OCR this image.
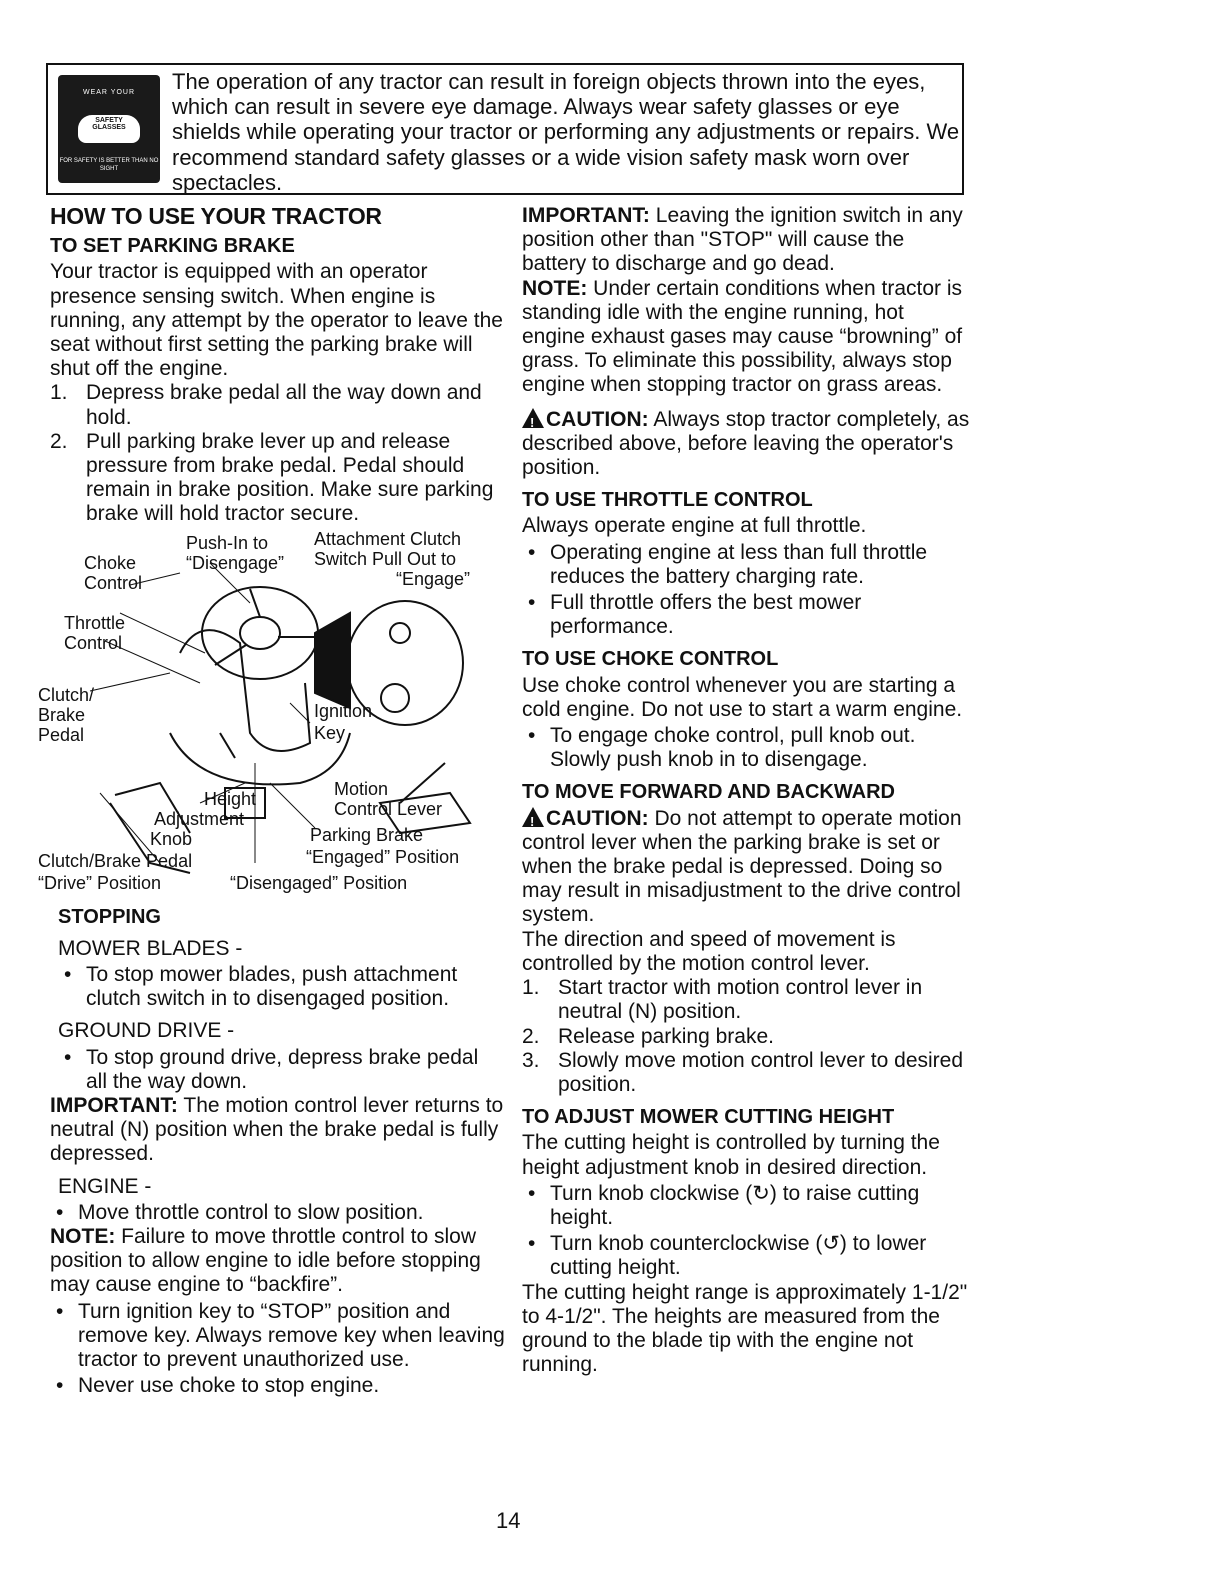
WEAR YOUR
SAFETY GLASSES
FOR SAFETY IS BETTER THAN NO SIGHT
The operation of any tractor can result in foreign objects thrown into the eyes, which can result in severe eye damage. Always wear safety glasses or eye shields while operating your tractor or performing any adjustments or repairs. We recommend standard safety glasses or a wide vision safety mask worn over spectacles.
HOW TO USE YOUR TRACTOR
TO SET PARKING BRAKE

Your tractor is equipped with an operator presence sensing switch. When engine is running, any attempt by the operator to leave the seat without first setting the parking brake will shut off the engine.

1. Depress brake pedal all the way down and hold.
2. Pull parking brake lever up and release pressure from brake pedal. Pedal should remain in brake position. Make sure parking brake will hold tractor secure.
Push-In to
“Disengage”
Attachment Clutch
Switch Pull Out to
“Engage”
Choke
Control
Throttle
Control
Clutch/
Brake
Pedal
Ignition
Key
Height
Adjustment
Knob
Motion
Control Lever
Parking Brake
“Engaged” Position
Clutch/Brake Pedal
“Drive” Position	“Disengaged” Position
STOPPING

MOWER BLADES -

• To stop mower blades, push attachment clutch switch in to disengaged position.

GROUND DRIVE -

• To stop ground drive, depress brake pedal all the way down.

IMPORTANT: The motion control lever returns to neutral (N) position when the brake pedal is fully depressed.

ENGINE -

• Move throttle control to slow position.

NOTE: Failure to move throttle control to slow position to allow engine to idle before stopping may cause engine to “backfire”.

• Turn ignition key to “STOP” position and remove key. Always remove key when leaving tractor to prevent unauthorized use.
• Never use choke to stop engine.

IMPORTANT: Leaving the ignition switch in any position other than "STOP" will cause the battery to discharge and go dead.

NOTE: Under certain conditions when tractor is standing idle with the engine running, hot engine exhaust gases may cause “browning” of grass. To eliminate this possibility, always stop engine when stopping tractor on grass areas.

!CAUTION: Always stop tractor completely, as described above, before leaving the operator's position.

TO USE THROTTLE CONTROL

Always operate engine at full throttle.

• Operating engine at less than full throttle reduces the battery charging rate.
• Full throttle offers the best mower performance.
TO USE CHOKE CONTROL

Use choke control whenever you are starting a cold engine. Do not use to start a warm engine.

• To engage choke control, pull knob out. Slowly push knob in to disengage.
TO MOVE FORWARD AND BACKWARD

!CAUTION: Do not attempt to operate motion control lever when the parking brake is set or when the brake pedal is depressed. Doing so may result in misadjustment to the drive control system.

The direction and speed of movement is controlled by the motion control lever.

1. Start tractor with motion control lever in neutral (N) position.
2. Release parking brake.
3. Slowly move motion control lever to desired position.
TO ADJUST MOWER CUTTING HEIGHT

The cutting height is controlled by turning the height adjustment knob in desired direction.

• Turn knob clockwise (↻) to raise cutting height.
• Turn knob counterclockwise (↺) to lower cutting height.

The cutting height range is approximately 1-1/2" to 4-1/2". The heights are measured from the ground to the blade tip with the engine not running.

14
